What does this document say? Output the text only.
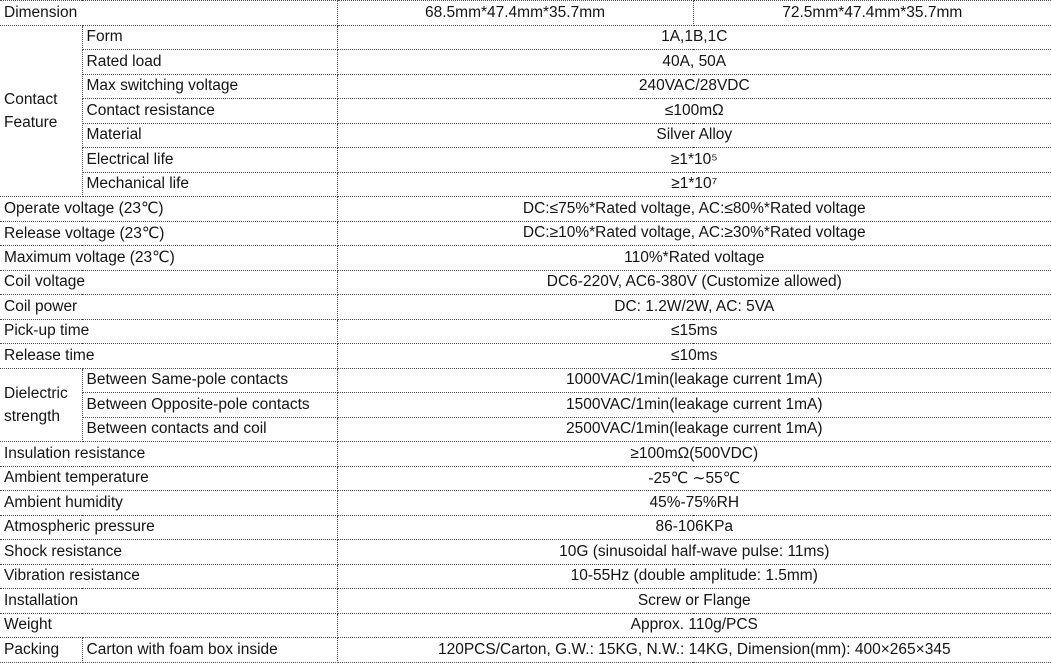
Dimension		68.5mm*47.4mm*35.7mm	72.5mm*47.4mm*35.7mm
Contact Feature	Form	1A,1B,1C	
	Rated load	40A, 50A	
	Max switching voltage	240VAC/28VDC	
	Contact resistance	≤100mΩ	
	Material	Silver Alloy	
	Electrical life	≥1*10⁵	
	Mechanical life	≥1*10⁷	
Operate voltage (23℃)		DC:≤75%*Rated voltage, AC:≤80%*Rated voltage	
Release voltage (23℃)		DC:≥10%*Rated voltage, AC:≥30%*Rated voltage	
Maximum voltage (23℃)		110%*Rated voltage	
Coil voltage		DC6-220V, AC6-380V (Customize allowed)	
Coil power		DC: 1.2W/2W, AC: 5VA	
Pick-up time		≤15ms	
Release time		≤10ms	
Dielectric strength	Between Same-pole contacts	1000VAC/1min(leakage current 1mA)	
	Between Opposite-pole contacts	1500VAC/1min(leakage current 1mA)	
	Between contacts and coil	2500VAC/1min(leakage current 1mA)	
Insulation resistance		≥100mΩ(500VDC)	
Ambient temperature		-25℃ ∼55℃	
Ambient humidity		45%-75%RH	
Atmospheric pressure		86-106KPa	
Shock resistance		10G (sinusoidal half-wave pulse: 11ms)	
Vibration resistance		10-55Hz (double amplitude: 1.5mm)	
Installation		Screw or Flange	
Weight		Approx. 110g/PCS	
Packing	Carton with foam box inside	120PCS/Carton, G.W.: 15KG, N.W.: 14KG, Dimension(mm): 400×265×345	
